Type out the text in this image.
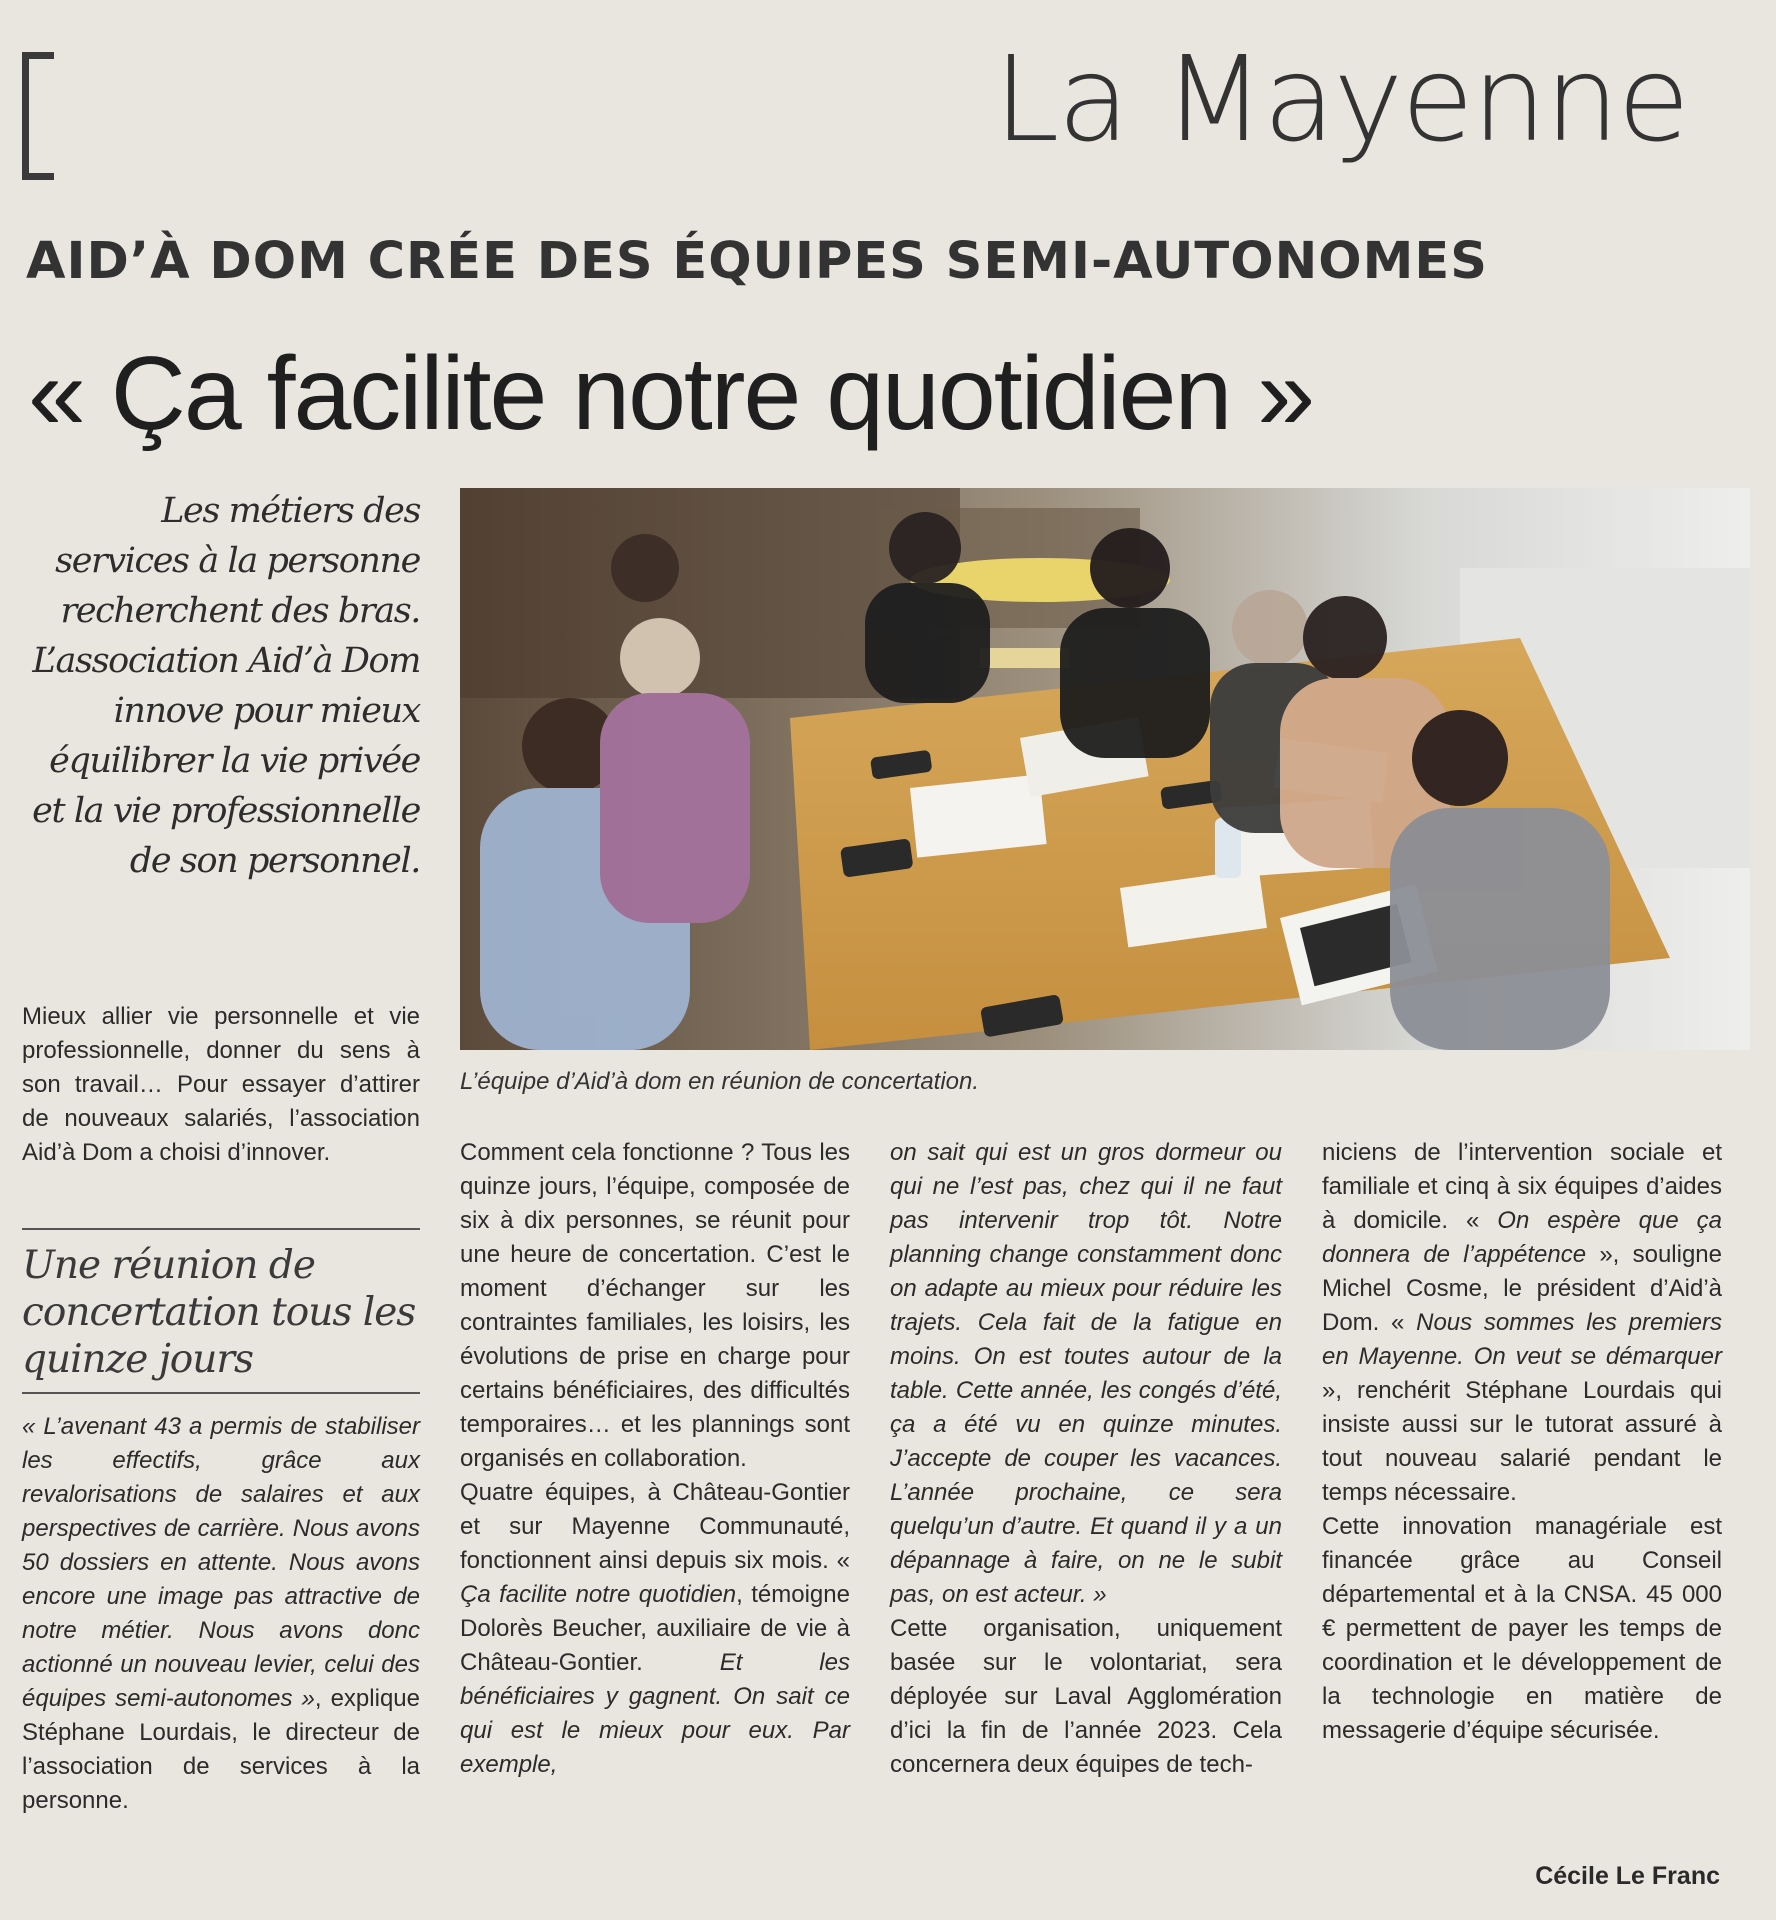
La Mayenne
AID’À DOM CRÉE DES ÉQUIPES SEMI-AUTONOMES
« Ça facilite notre quotidien »
Les métiers des services à la personne recherchent des bras. L’association Aid’à Dom innove pour mieux équilibrer la vie privée et la vie professionnelle de son personnel.
L’équipe d’Aid’à dom en réunion de concertation.

Mieux allier vie personnelle et vie professionnelle, donner du sens à son travail… Pour essayer d’attirer de nouveaux salariés, l’association Aid’à Dom a choisi d’innover.

Une réunion de concertation tous les quinze jours

« L’avenant 43 a permis de stabiliser les effectifs, grâce aux revalorisations de salaires et aux perspectives de carrière. Nous avons 50 dossiers en attente. Nous avons encore une image pas attractive de notre métier. Nous avons donc actionné un nouveau levier, celui des équipes semi-autonomes », explique Stéphane Lourdais, le directeur de l’association de services à la personne.

Comment cela fonctionne ? Tous les quinze jours, l’équipe, composée de six à dix personnes, se réunit pour une heure de concertation. C’est le moment d’échanger sur les contraintes familiales, les loisirs, les évolutions de prise en charge pour certains bénéficiaires, des difficultés temporaires… et les plannings sont organisés en collaboration.

Quatre équipes, à Château-Gontier et sur Mayenne Communauté, fonctionnent ainsi depuis six mois. « Ça facilite notre quotidien, témoigne Dolorès Beucher, auxiliaire de vie à Château-Gontier. Et les bénéficiaires y gagnent. On sait ce qui est le mieux pour eux. Par exemple,

on sait qui est un gros dormeur ou qui ne l’est pas, chez qui il ne faut pas intervenir trop tôt. Notre planning change constamment donc on adapte au mieux pour réduire les trajets. Cela fait de la fatigue en moins. On est toutes autour de la table. Cette année, les congés d’été, ça a été vu en quinze minutes. J’accepte de couper les vacances. L’année prochaine, ce sera quelqu’un d’autre. Et quand il y a un dépannage à faire, on ne le subit pas, on est acteur. »

Cette organisation, uniquement basée sur le volontariat, sera déployée sur Laval Agglomération d’ici la fin de l’année 2023. Cela concernera deux équipes de tech-

niciens de l’intervention sociale et familiale et cinq à six équipes d’aides à domicile. « On espère que ça donnera de l’appétence », souligne Michel Cosme, le président d’Aid’à Dom. « Nous sommes les premiers en Mayenne. On veut se démarquer », renchérit Stéphane Lourdais qui insiste aussi sur le tutorat assuré à tout nouveau salarié pendant le temps nécessaire.

Cette innovation managériale est financée grâce au Conseil départemental et à la CNSA. 45 000 € permettent de payer les temps de coordination et le développement de la technologie en matière de messagerie d’équipe sécurisée.

Cécile Le Franc
